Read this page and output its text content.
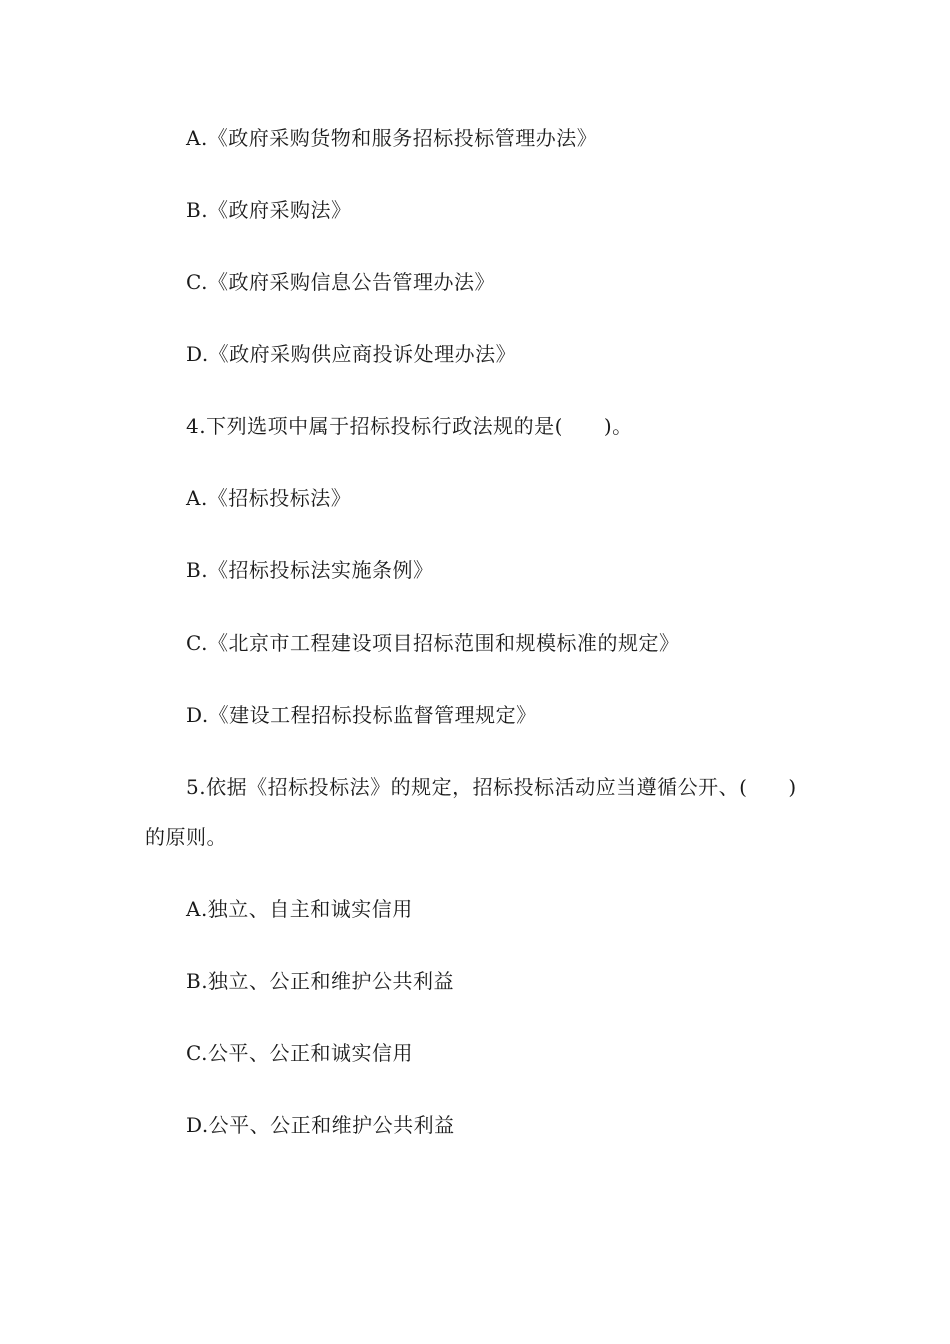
A.《政府采购货物和服务招标投标管理办法》
B.《政府采购法》
C.《政府采购信息公告管理办法》
D.《政府采购供应商投诉处理办法》
4.下列选项中属于招标投标行政法规的是(　　)。
A.《招标投标法》
B.《招标投标法实施条例》
C.《北京市工程建设项目招标范围和规模标准的规定》
D.《建设工程招标投标监督管理规定》
5.依据《招标投标法》的规定，招标投标活动应当遵循公开、(　　)
的原则。
A.独立、自主和诚实信用
B.独立、公正和维护公共利益
C.公平、公正和诚实信用
D.公平、公正和维护公共利益
